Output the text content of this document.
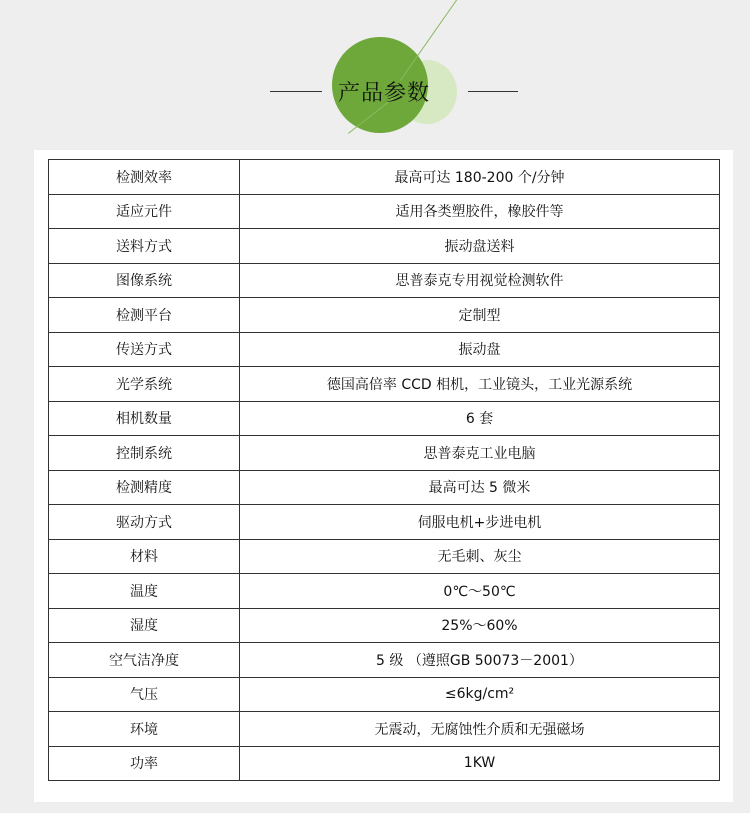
产品参数
检测效率	最高可达 180-200 个/分钟
适应元件	适用各类塑胶件，橡胶件等
送料方式	振动盘送料
图像系统	思普泰克专用视觉检测软件
检测平台	定制型
传送方式	振动盘
光学系统	德国高倍率 CCD 相机，工业镜头，工业光源系统
相机数量	6 套
控制系统	思普泰克工业电脑
检测精度	最高可达 5 微米
驱动方式	伺服电机+步进电机
材料	无毛刺、灰尘
温度	0℃～50℃
湿度	25%～60%
空气洁净度	5 级 （遵照GB 50073－2001）
气压	≤6kg/cm²
环境	无震动，无腐蚀性介质和无强磁场
功率	1KW
